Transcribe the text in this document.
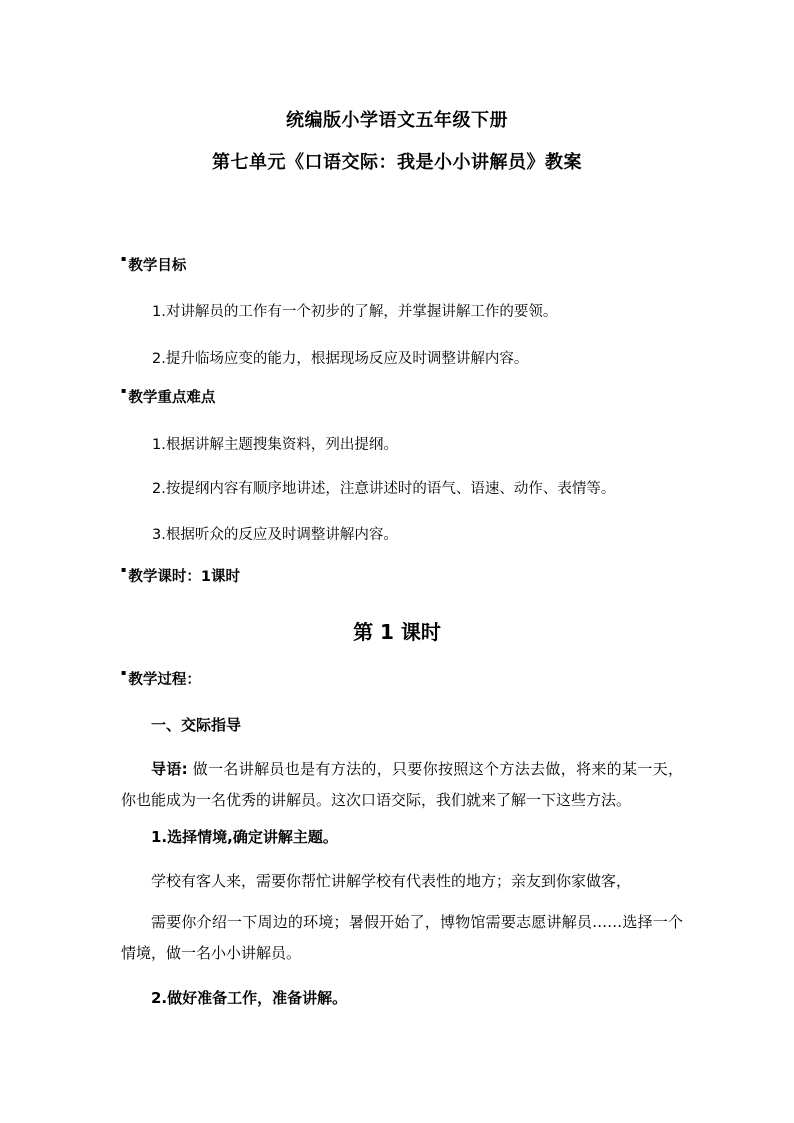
统编版小学语文五年级下册
第七单元《口语交际：我是小小讲解员》教案
▪ 教学目标
1.对讲解员的工作有一个初步的了解，并掌握讲解工作的要领。
2.提升临场应变的能力，根据现场反应及时调整讲解内容。
▪ 教学重点难点
1.根据讲解主题搜集资料，列出提纲。
2.按提纲内容有顺序地讲述，注意讲述时的语气、语速、动作、表情等。
3.根据听众的反应及时调整讲解内容。
▪ 教学课时：1课时
第 1 课时
▪ 教学过程：
一、交际指导
导语: 做一名讲解员也是有方法的，只要你按照这个方法去做，将来的某一天，你也能成为一名优秀的讲解员。这次口语交际，我们就来了解一下这些方法。
1.选择情境,确定讲解主题。
学校有客人来，需要你帮忙讲解学校有代表性的地方；亲友到你家做客，
需要你介绍一下周边的环境；暑假开始了，博物馆需要志愿讲解员……选择一个情境，做一名小小讲解员。
2.做好准备工作，准备讲解。
